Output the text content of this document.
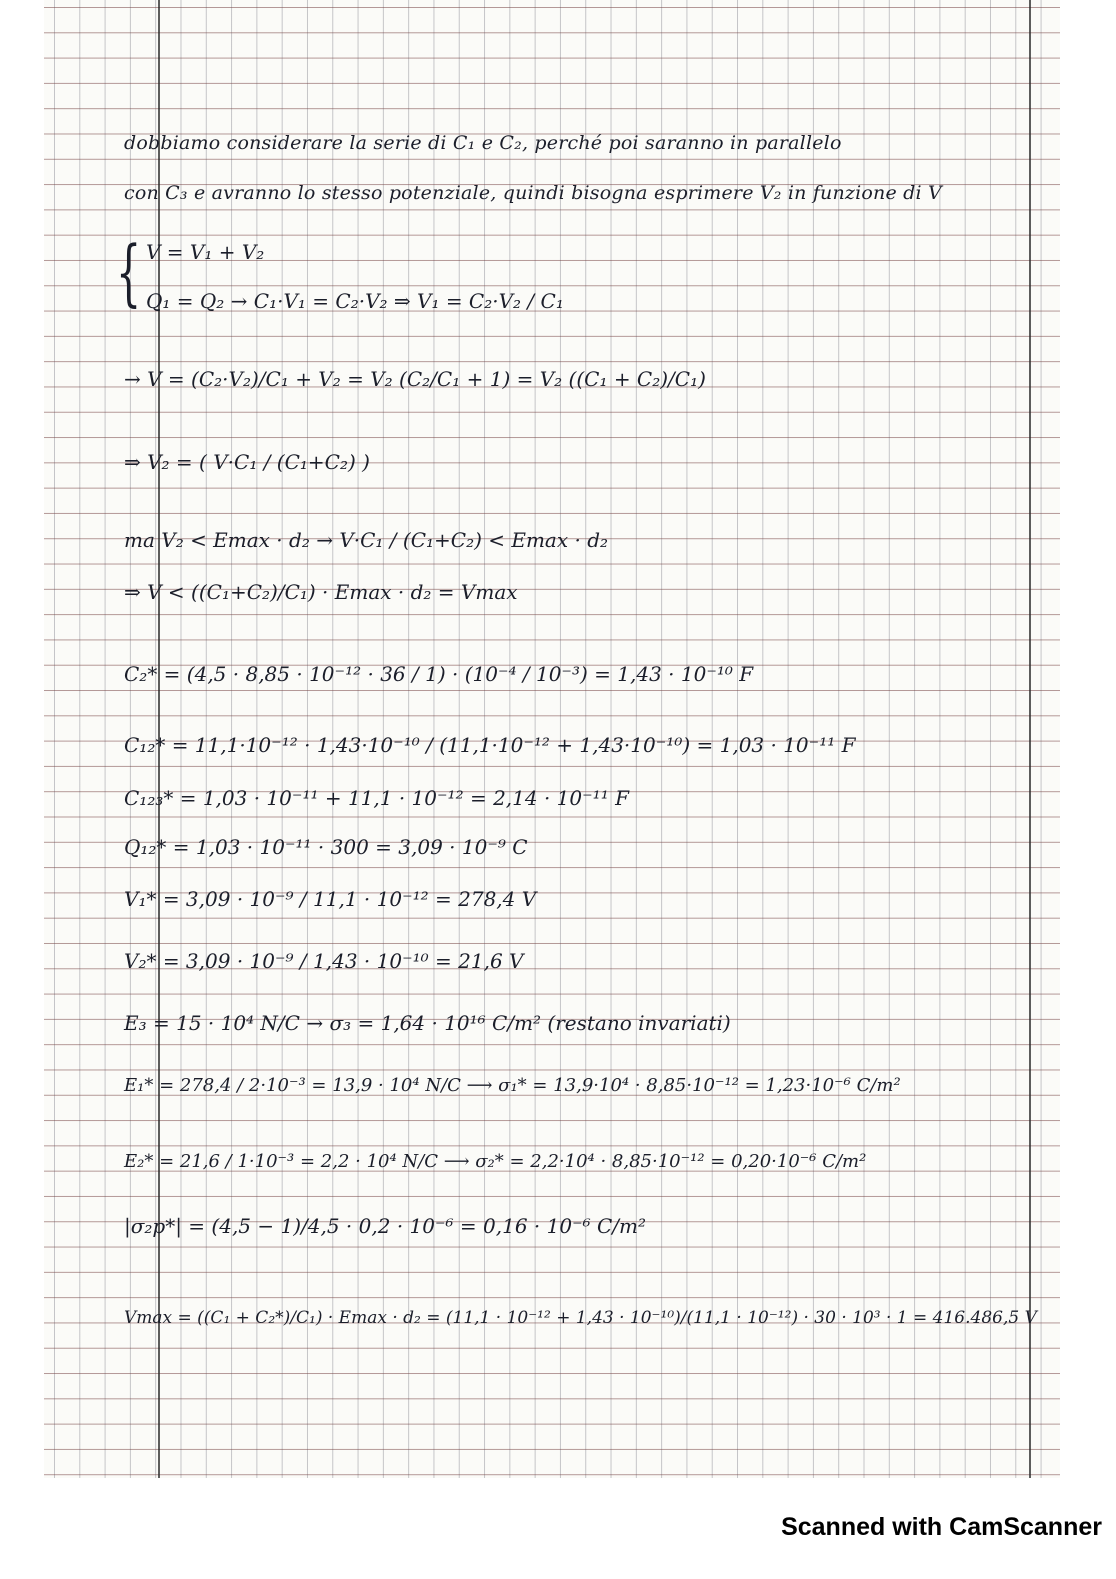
dobbiamo considerare la serie di C₁ e C₂, perché poi saranno in parallelo
con C₃ e avranno lo stesso potenziale, quindi bisogna esprimere V₂ in funzione di V
{ V = V₁ + V₂
Q₁ = Q₂ → C₁·V₁ = C₂·V₂ ⇒ V₁ = C₂·V₂ / C₁
→ V = (C₂·V₂)/C₁ + V₂ = V₂ (C₂/C₁ + 1) = V₂ ((C₁ + C₂)/C₁)
⇒ V₂ = ( V·C₁ / (C₁+C₂) )
ma V₂ < Emax · d₂ → V·C₁ / (C₁+C₂) < Emax · d₂
⇒ V < ((C₁+C₂)/C₁) · Emax · d₂ = Vmax
C₂* = (4,5 · 8,85 · 10⁻¹² · 36 / 1) · (10⁻⁴ / 10⁻³) = 1,43 · 10⁻¹⁰ F
C₁₂* = 11,1·10⁻¹² · 1,43·10⁻¹⁰ / (11,1·10⁻¹² + 1,43·10⁻¹⁰) = 1,03 · 10⁻¹¹ F
C₁₂₃* = 1,03 · 10⁻¹¹ + 11,1 · 10⁻¹² = 2,14 · 10⁻¹¹ F
Q₁₂* = 1,03 · 10⁻¹¹ · 300 = 3,09 · 10⁻⁹ C
V₁* = 3,09 · 10⁻⁹ / 11,1 · 10⁻¹² = 278,4 V
V₂* = 3,09 · 10⁻⁹ / 1,43 · 10⁻¹⁰ = 21,6 V
E₃ = 15 · 10⁴ N/C → σ₃ = 1,64 · 10¹⁶ C/m² (restano invariati)
E₁* = 278,4 / 2·10⁻³ = 13,9 · 10⁴ N/C ⟶ σ₁* = 13,9·10⁴ · 8,85·10⁻¹² = 1,23·10⁻⁶ C/m²
E₂* = 21,6 / 1·10⁻³ = 2,2 · 10⁴ N/C ⟶ σ₂* = 2,2·10⁴ · 8,85·10⁻¹² = 0,20·10⁻⁶ C/m²
|σ₂p*| = (4,5 − 1)/4,5 · 0,2 · 10⁻⁶ = 0,16 · 10⁻⁶ C/m²
Vmax = ((C₁ + C₂*)/C₁) · Emax · d₂ = (11,1 · 10⁻¹² + 1,43 · 10⁻¹⁰)/(11,1 · 10⁻¹²) · 30 · 10³ · 1 = 416.486,5 V
Scanned with CamScanner
